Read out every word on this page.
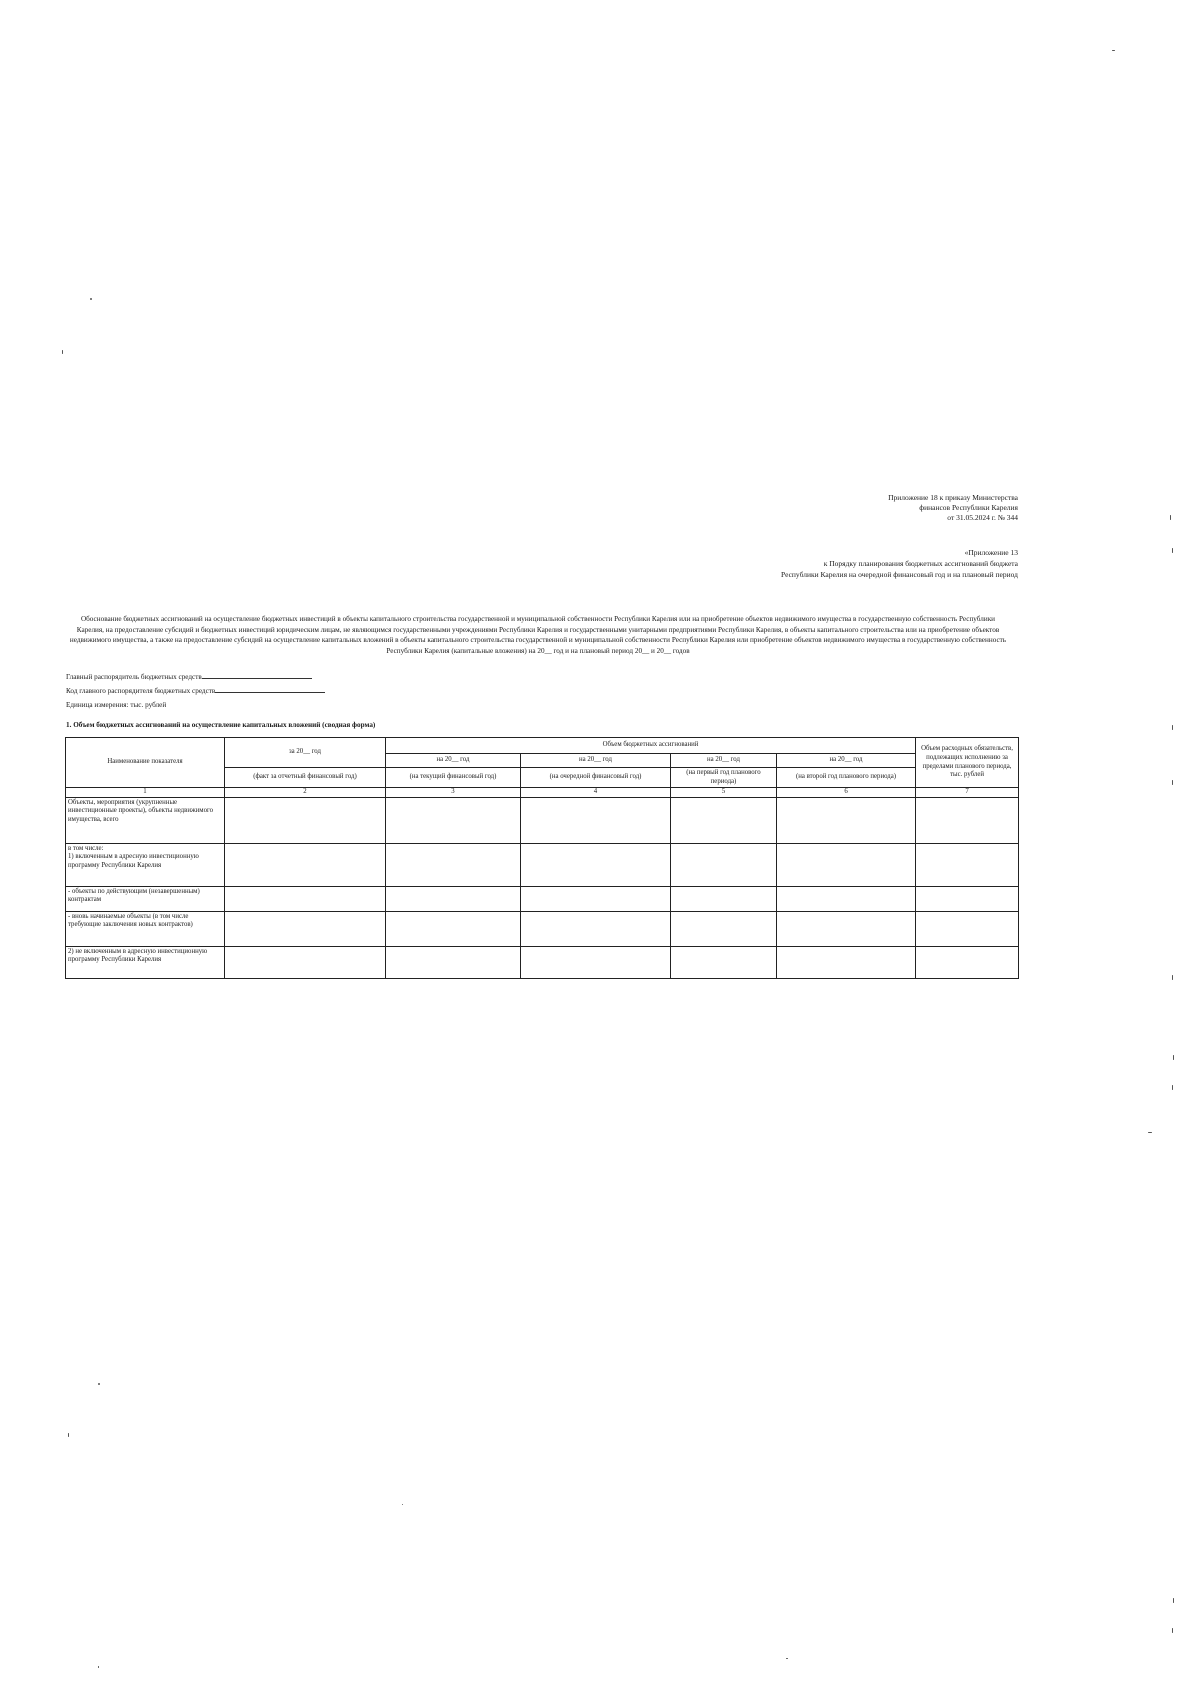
Приложение 18 к приказу Министерства
финансов Республики Карелия
от 31.05.2024 г. № 344
«Приложение 13
к Порядку планирования бюджетных ассигнований бюджета
Республики Карелия на очередной финансовый год и на плановый период
Обоснование бюджетных ассигнований на осуществление бюджетных инвестиций в объекты капитального строительства государственной и муниципальной собственности Республики Карелия или на приобретение объектов недвижимого имущества в государственную собственность Республики Карелия, на предоставление субсидий и бюджетных инвестиций юридическим лицам, не являющимся государственными учреждениями Республики Карелия и государственными унитарными предприятиями Республики Карелия, в объекты капитального строительства или на приобретение объектов недвижимого имущества, а также на предоставление субсидий на осуществление капитальных вложений в объекты капитального строительства государственной и муниципальной собственности Республики Карелия или приобретение объектов недвижимого имущества в государственную собственность Республики Карелия (капитальные вложения) на 20__ год и на плановый период 20__ и 20__ годов
Главный распорядитель бюджетных средств
Код главного распорядителя бюджетных средств
Единица измерения: тыс. рублей
1. Объем бюджетных ассигнований на осуществление капитальных вложений (сводная форма)
Наименование показателя	за 20__ год	Объем бюджетных ассигнований				Объем расходных обязательств, подлежащих исполнению за пределами планового периода, тыс. рублей
		на 20__ год	на 20__ год	на 20__ год	на 20__ год	
	(факт за отчетный финансовый год)	(на текущий финансовый год)	(на очередной финансовый год)	(на первый год планового периода)	(на второй год планового периода)	
1	2	3	4	5	6	7
Объекты, мероприятия (укрупненные инвестиционные проекты), объекты недвижимого имущества, всего						
в том числе:
1) включенным в адресную инвестиционную программу Республики Карелия						
- объекты по действующим (незавершенным) контрактам						
- вновь начинаемые объекты (в том числе требующие заключения новых контрактов)						
2) не включенным в адресную инвестиционную программу Республики Карелия						
